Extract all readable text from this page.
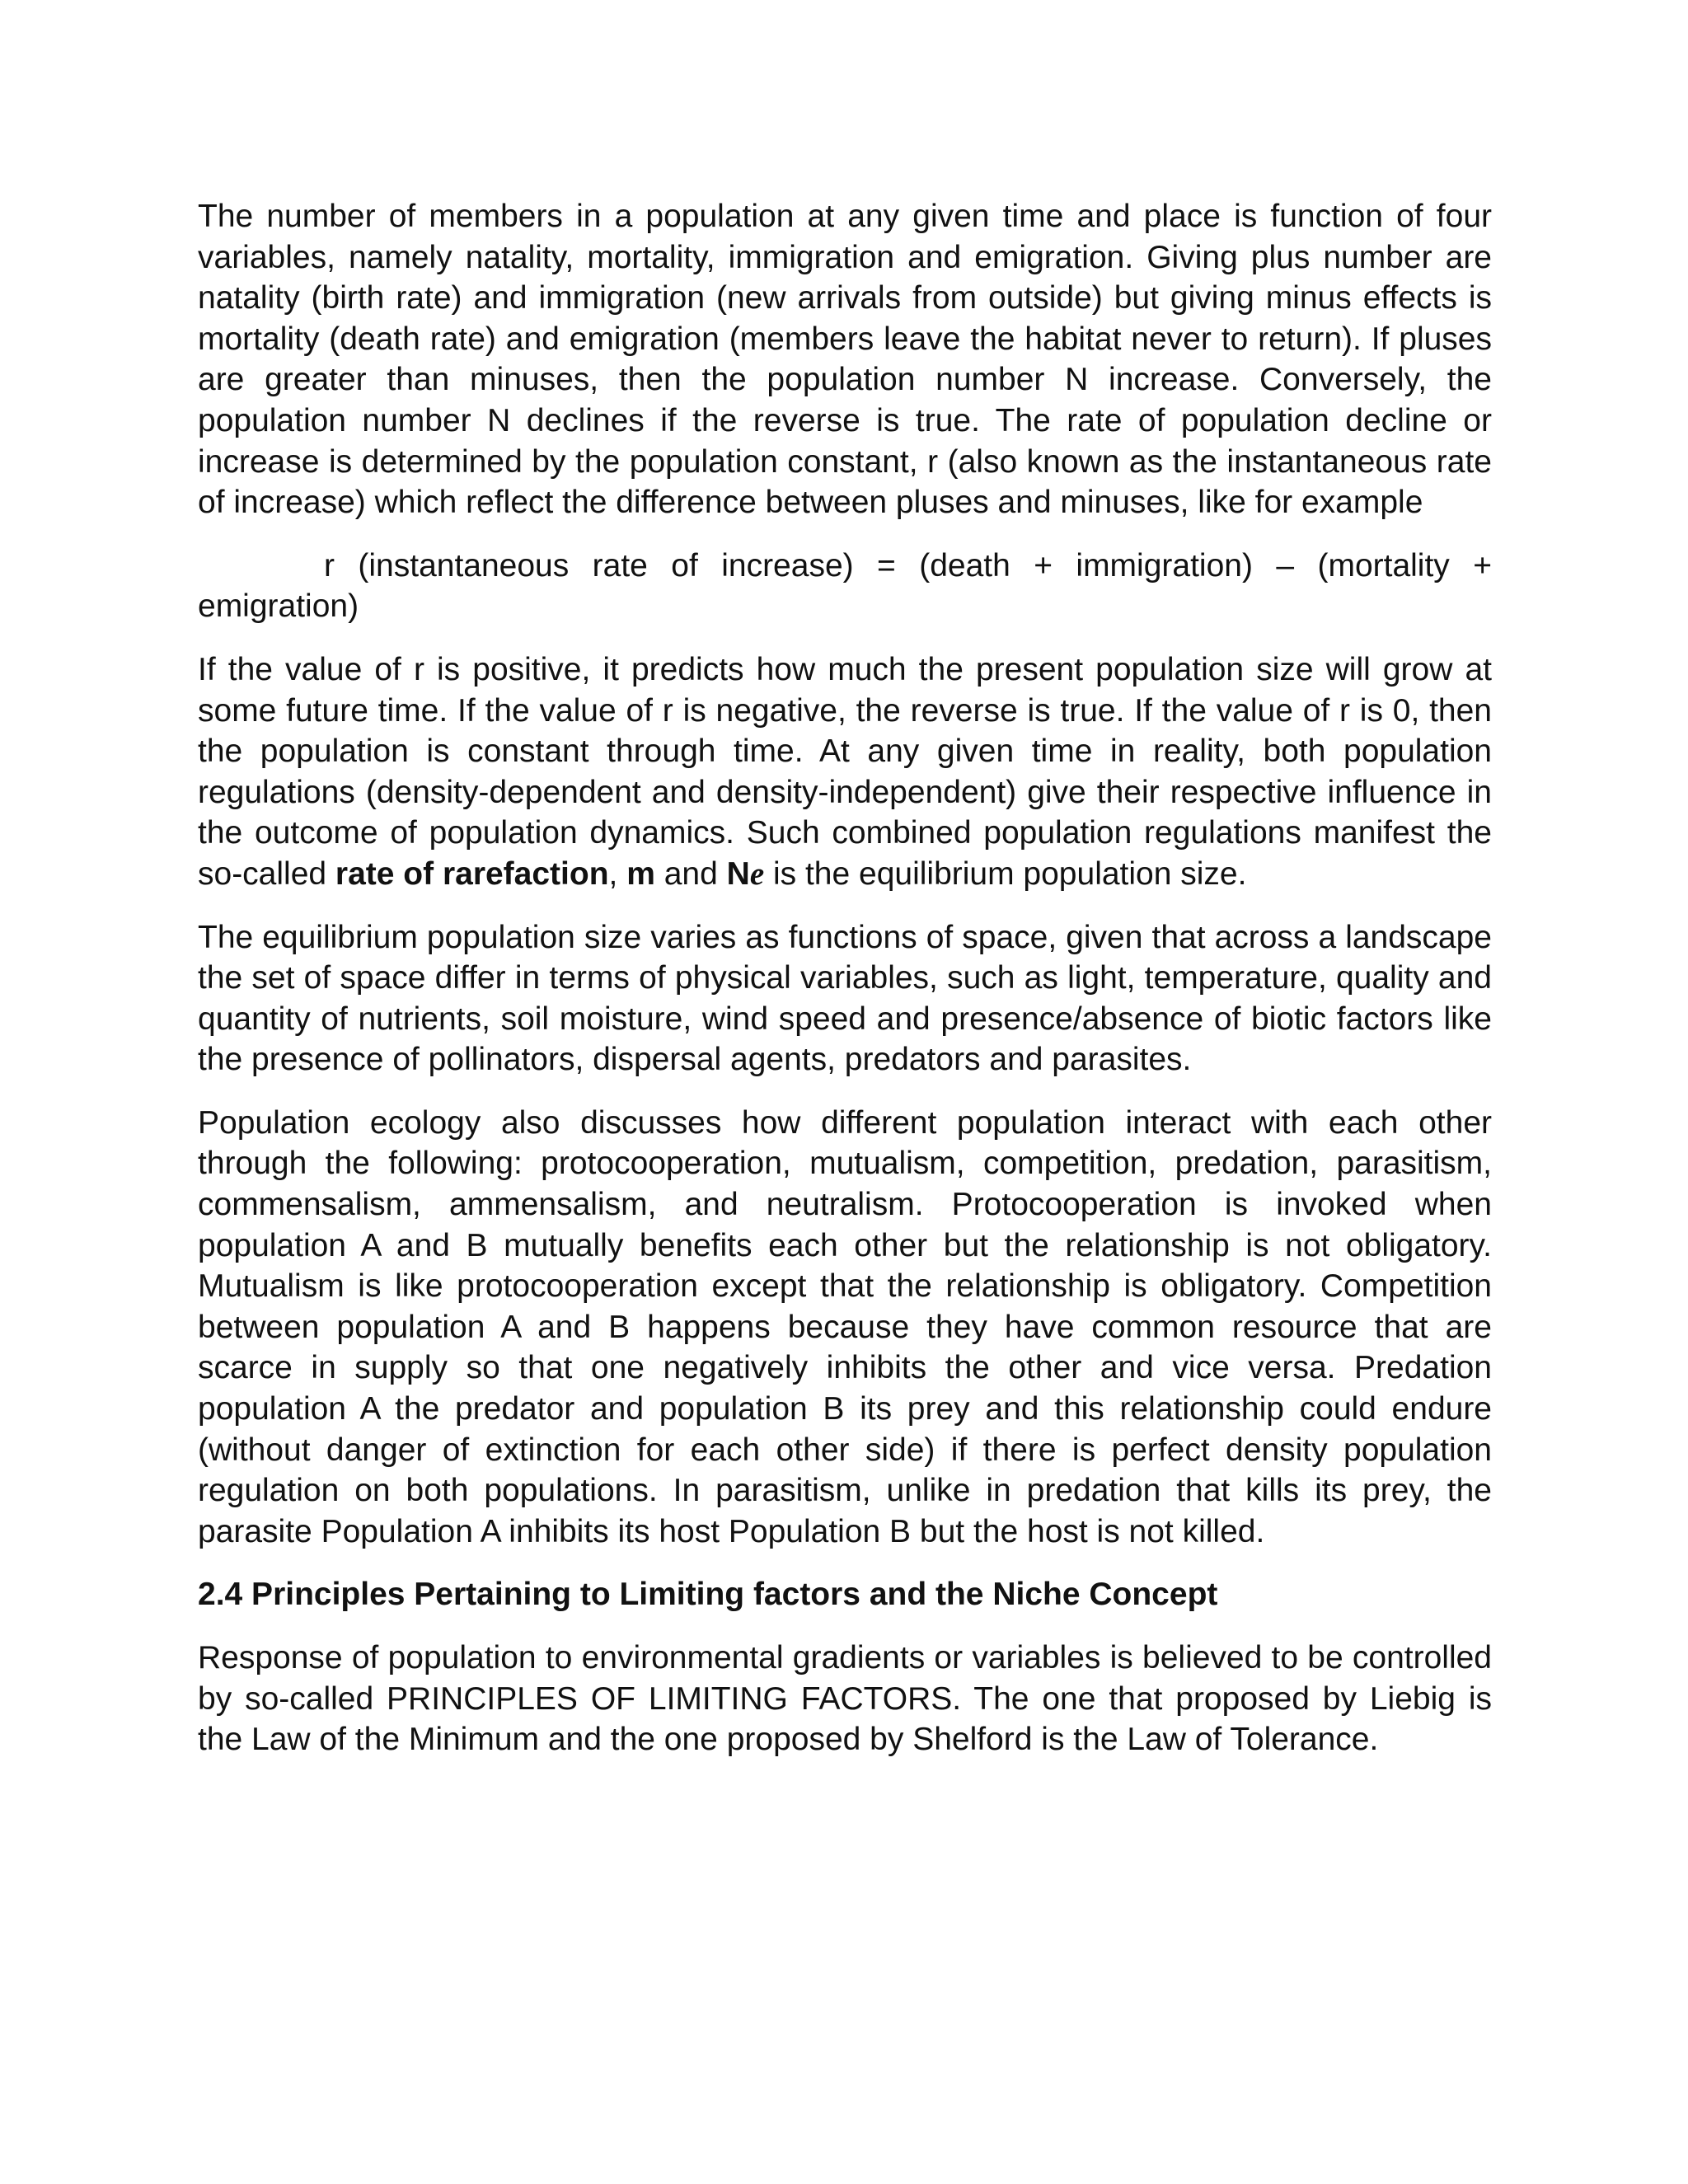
The number of members in a population at any given time and place is function of four variables, namely natality, mortality, immigration and emigration. Giving plus number are natality (birth rate) and immigration (new arrivals from outside) but giving minus effects is mortality (death rate) and emigration (members leave the habitat never to return). If pluses are greater than minuses, then the population number N increase. Conversely, the population number N declines if the reverse is true. The rate of population decline or increase is determined by the population constant, r (also known as the instantaneous rate of increase) which reflect the difference between pluses and minuses, like for example

r (instantaneous rate of increase) = (death + immigration) – (mortality + emigration)

If the value of r is positive, it predicts how much the present population size will grow at some future time. If the value of r is negative, the reverse is true. If the value of r is 0, then the population is constant through time. At any given time in reality, both population regulations (density-dependent and density-independent) give their respective influence in the outcome of population dynamics. Such combined population regulations manifest the so-called rate of rarefaction, m and Ne is the equilibrium population size.

The equilibrium population size varies as functions of space, given that across a landscape the set of space differ in terms of physical variables, such as light, temperature, quality and quantity of nutrients, soil moisture, wind speed and presence/absence of biotic factors like the presence of pollinators, dispersal agents, predators and parasites.

Population ecology also discusses how different population interact with each other through the following: protocooperation, mutualism, competition, predation, parasitism, commensalism, ammensalism, and neutralism. Protocooperation is invoked when population A and B mutually benefits each other but the relationship is not obligatory. Mutualism is like protocooperation except that the relationship is obligatory. Competition between population A and B happens because they have common resource that are scarce in supply so that one negatively inhibits the other and vice versa. Predation population A the predator and population B its prey and this relationship could endure (without danger of extinction for each other side) if there is perfect density population regulation on both populations. In parasitism, unlike in predation that kills its prey, the parasite Population A inhibits its host Population B but the host is not killed.

2.4 Principles Pertaining to Limiting factors and the Niche Concept

Response of population to environmental gradients or variables is believed to be controlled by so-called PRINCIPLES OF LIMITING FACTORS. The one that proposed by Liebig is the Law of the Minimum and the one proposed by Shelford is the Law of Tolerance.
